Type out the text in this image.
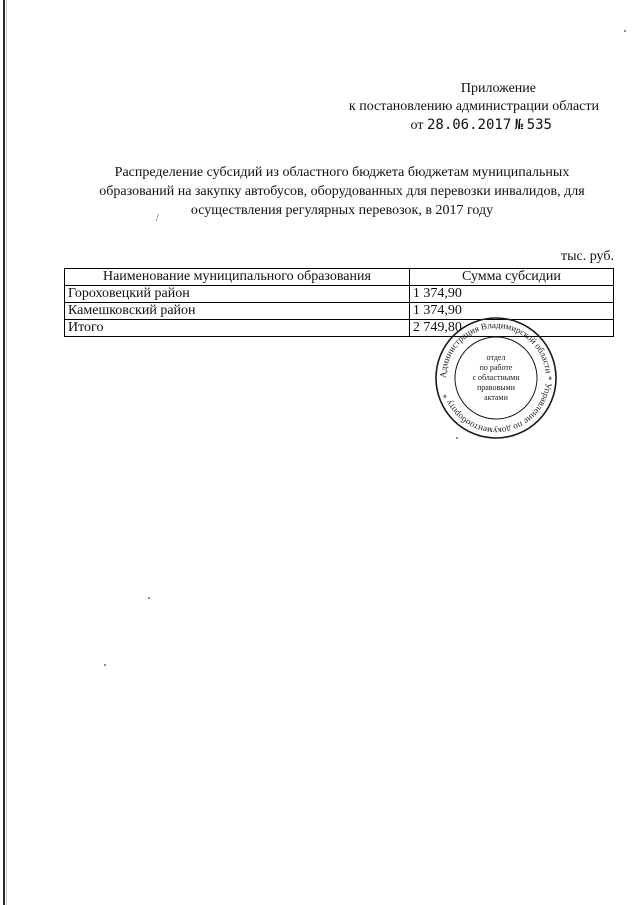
Приложение
к постановлению администрации области
от 28.06.2017 № 535
Распределение субсидий из областного бюджета бюджетам муниципальных
образований на закупку автобусов, оборудованных для перевозки инвалидов, для
осуществления регулярных перевозок, в 2017 году
/
тыс. руб.
Наименование муниципального образования	Сумма субсидии
Гороховецкий район	1 374,90
Камешковский район	1 374,90
Итого	2 749,80
Администрация Владимирской области * Управление по документообороту *
отдел
по работе
с областными
правовыми
актами
